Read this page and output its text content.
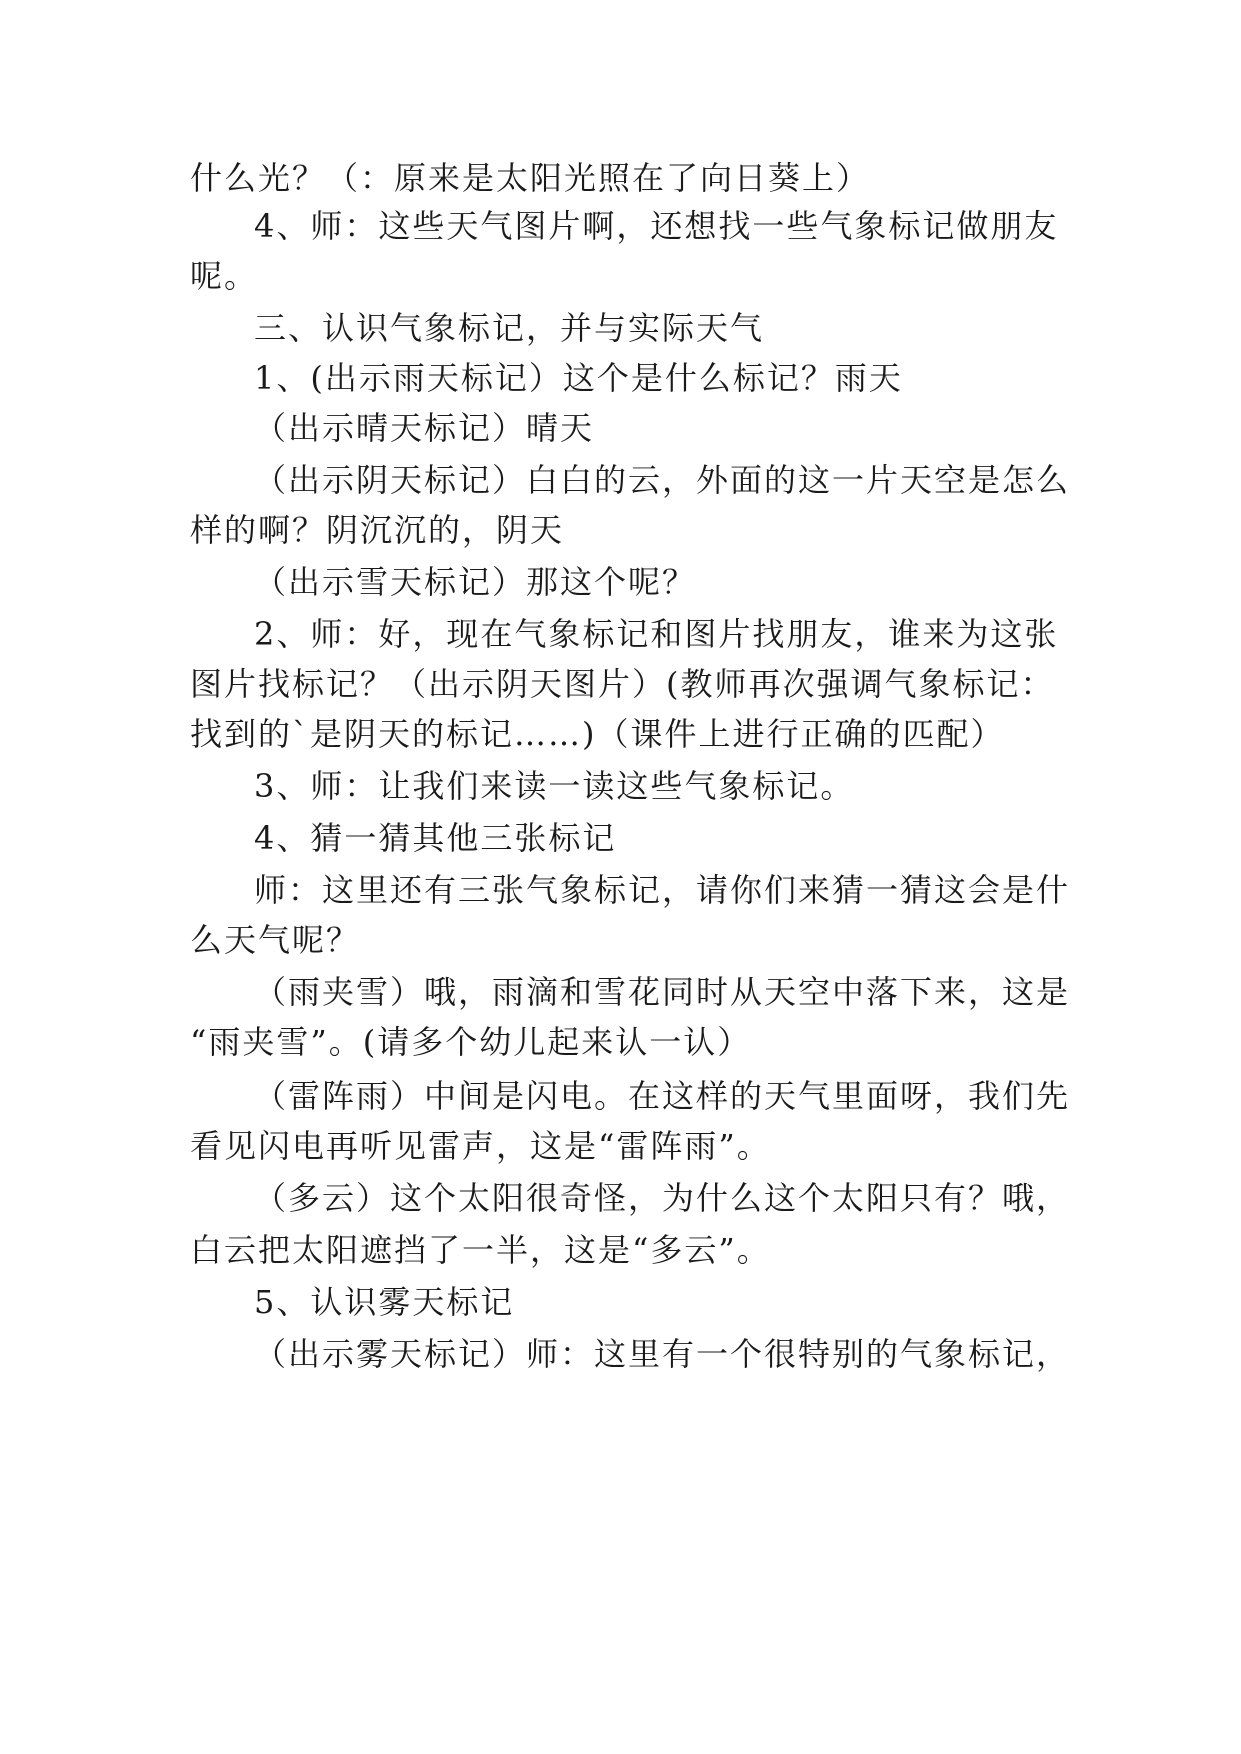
什么光？（：原来是太阳光照在了向日葵上）
4、师：这些天气图片啊，还想找一些气象标记做朋友
呢。
三、认识气象标记，并与实际天气
1、(出示雨天标记）这个是什么标记？雨天
（出示晴天标记）晴天
（出示阴天标记）白白的云，外面的这一片天空是怎么
样的啊？阴沉沉的，阴天
（出示雪天标记）那这个呢？
2、师：好，现在气象标记和图片找朋友，谁来为这张
图片找标记？（出示阴天图片）(教师再次强调气象标记：
找到的`是阴天的标记……)（课件上进行正确的匹配）
3、师：让我们来读一读这些气象标记。
4、猜一猜其他三张标记
师：这里还有三张气象标记，请你们来猜一猜这会是什
么天气呢？
（雨夹雪）哦，雨滴和雪花同时从天空中落下来，这是
“雨夹雪”。(请多个幼儿起来认一认）
（雷阵雨）中间是闪电。在这样的天气里面呀，我们先
看见闪电再听见雷声，这是“雷阵雨”。
（多云）这个太阳很奇怪，为什么这个太阳只有？哦，
白云把太阳遮挡了一半，这是“多云”。
5、认识雾天标记
（出示雾天标记）师：这里有一个很特别的气象标记，
